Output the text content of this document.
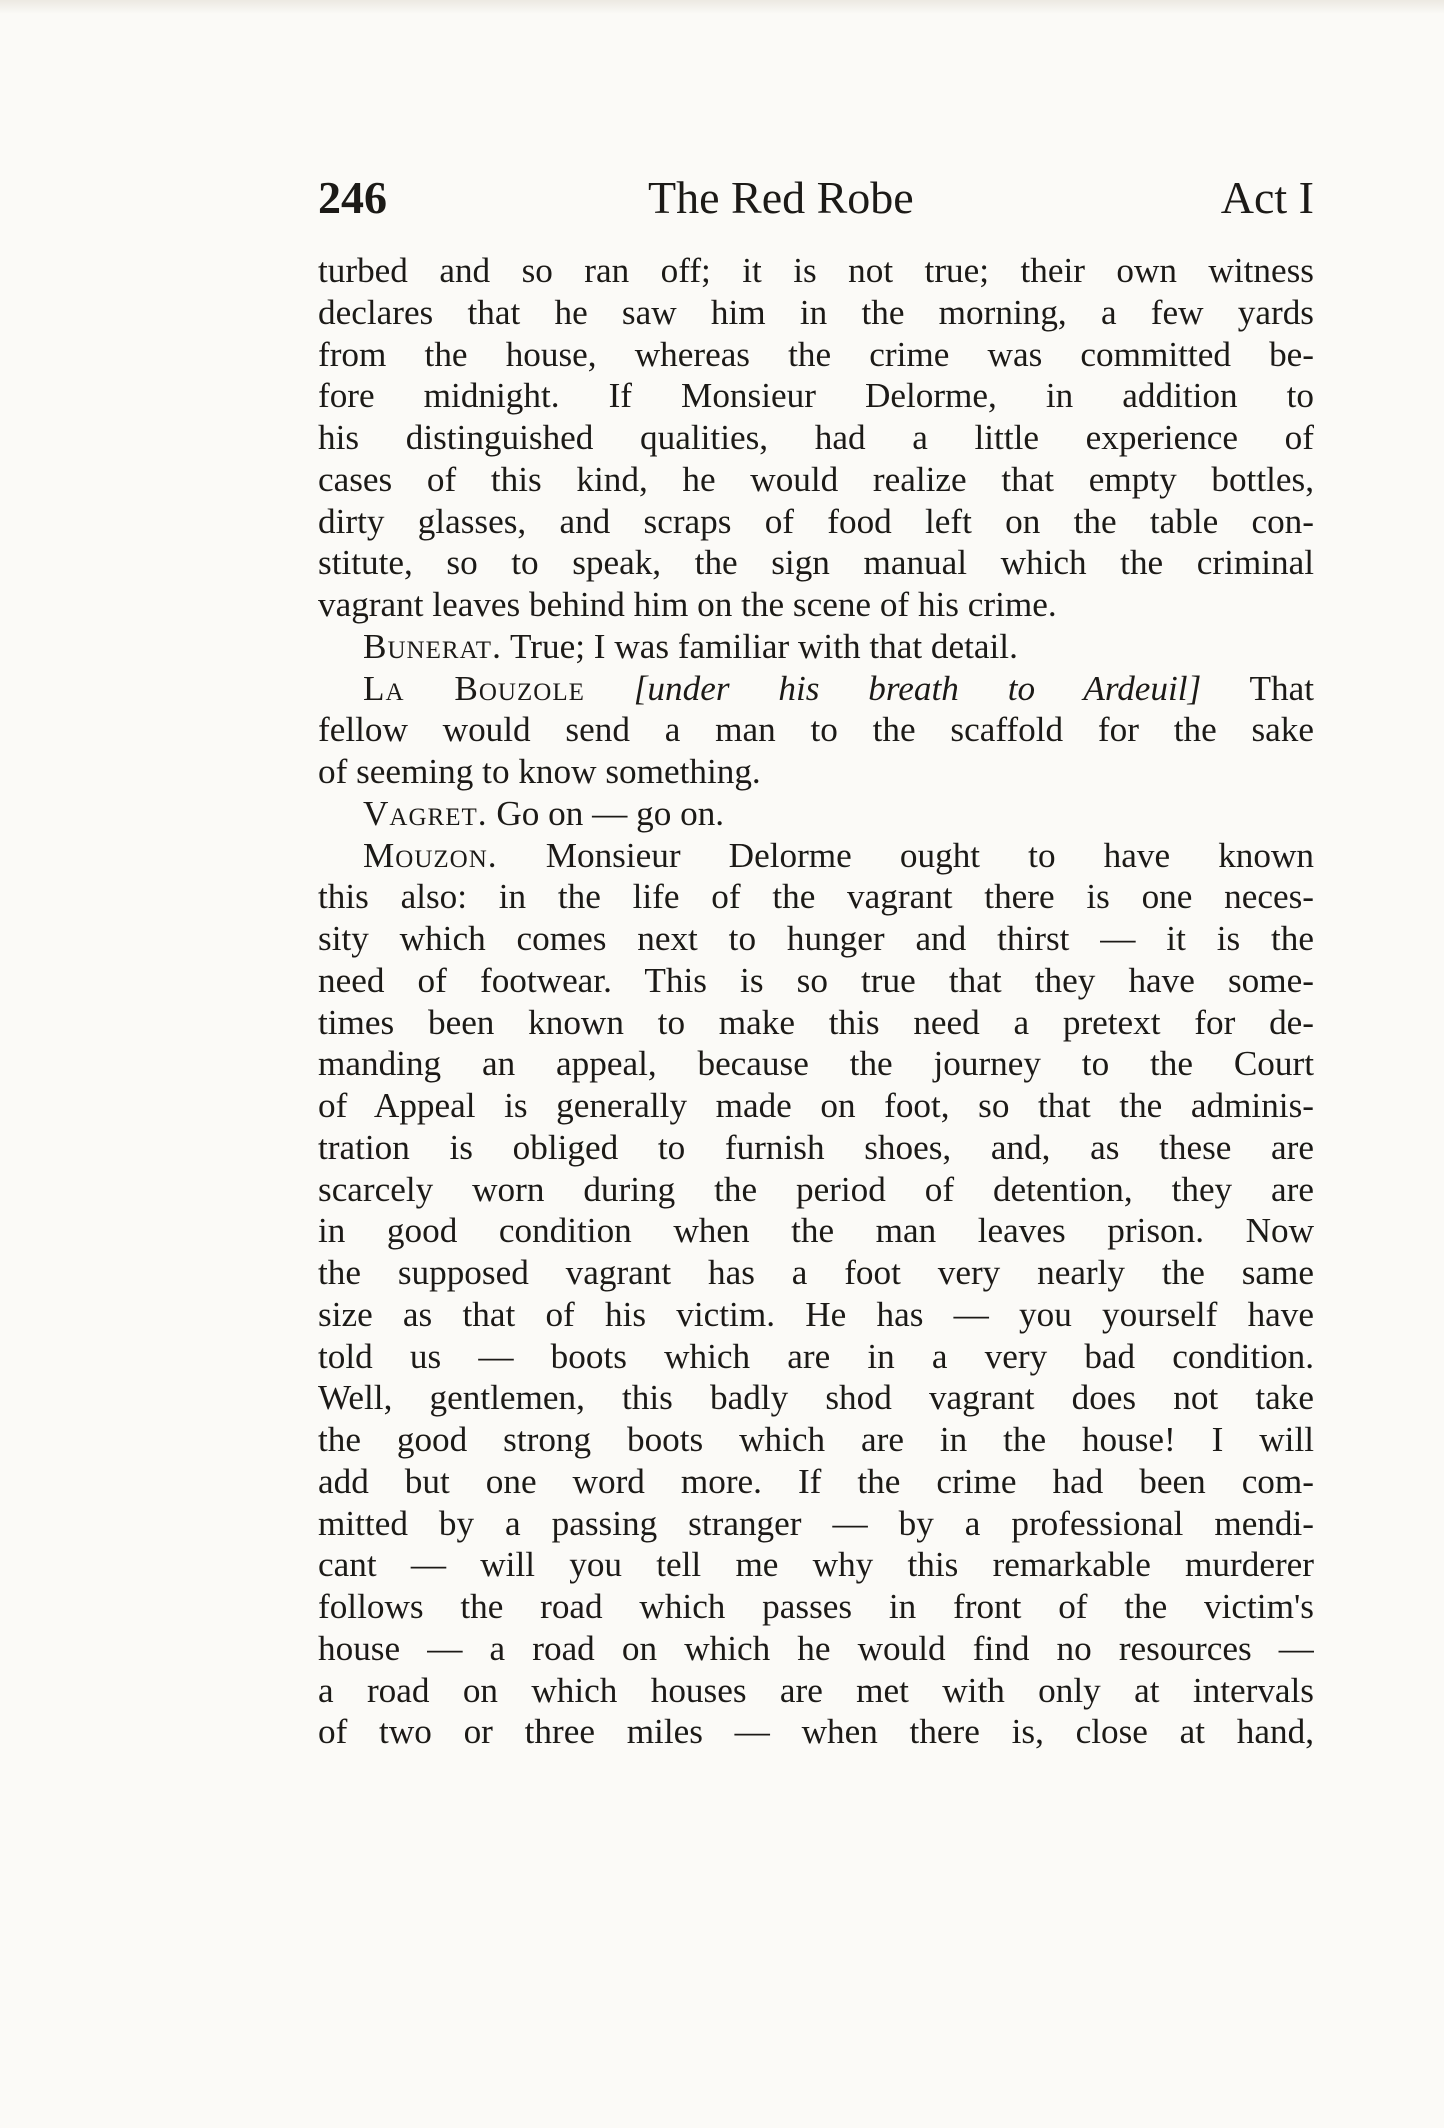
246	The Red Robe	Act I
turbed and so ran off; it is not true; their own witness
declares that he saw him in the morning, a few yards
from the house, whereas the crime was committed be-
fore midnight. If Monsieur Delorme, in addition to
his distinguished qualities, had a little experience of
cases of this kind, he would realize that empty bottles,
dirty glasses, and scraps of food left on the table con-
stitute, so to speak, the sign manual which the criminal
vagrant leaves behind him on the scene of his crime.
Bunerat. True; I was familiar with that detail.
La Bouzole [under his breath to Ardeuil] That
fellow would send a man to the scaffold for the sake
of seeming to know something.
Vagret. Go on — go on.
Mouzon. Monsieur Delorme ought to have known
this also: in the life of the vagrant there is one neces-
sity which comes next to hunger and thirst — it is the
need of footwear. This is so true that they have some-
times been known to make this need a pretext for de-
manding an appeal, because the journey to the Court
of Appeal is generally made on foot, so that the adminis-
tration is obliged to furnish shoes, and, as these are
scarcely worn during the period of detention, they are
in good condition when the man leaves prison. Now
the supposed vagrant has a foot very nearly the same
size as that of his victim. He has — you yourself have
told us — boots which are in a very bad condition.
Well, gentlemen, this badly shod vagrant does not take
the good strong boots which are in the house! I will
add but one word more. If the crime had been com-
mitted by a passing stranger — by a professional mendi-
cant — will you tell me why this remarkable murderer
follows the road which passes in front of the victim's
house — a road on which he would find no resources —
a road on which houses are met with only at intervals
of two or three miles — when there is, close at hand,
